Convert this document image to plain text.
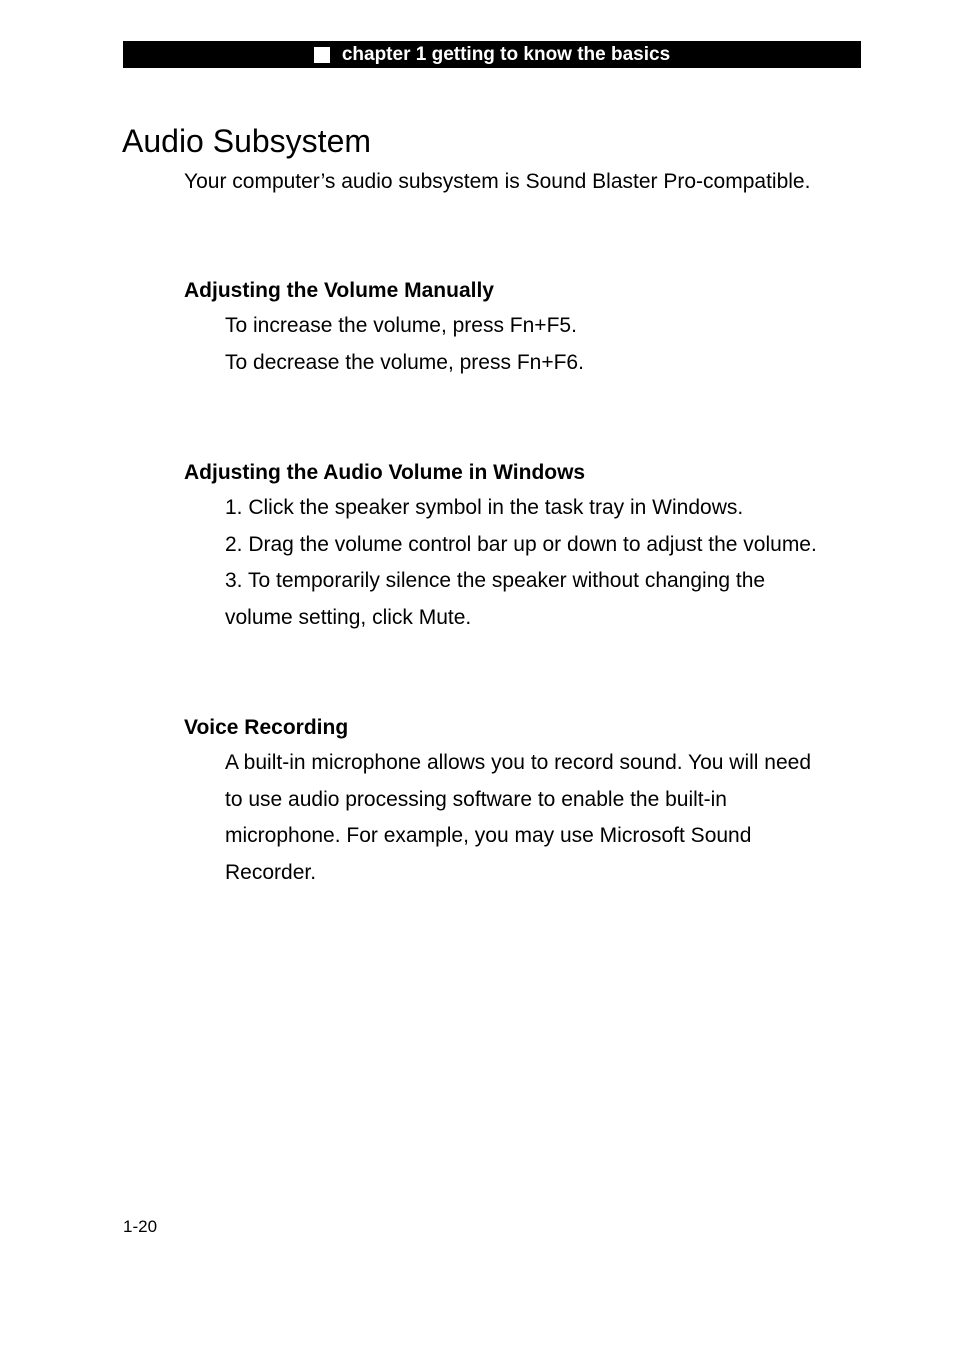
chapter 1 getting to know the basics
Audio Subsystem

Your computer’s audio subsystem is Sound Blaster Pro-compatible.

Adjusting the Volume Manually
To increase the volume, press Fn+F5.
To decrease the volume, press Fn+F6.
Adjusting the Audio Volume in Windows
1. Click the speaker symbol in the task tray in Windows.
2. Drag the volume control bar up or down to adjust the volume.
3. To temporarily silence the speaker without changing the
volume setting, click Mute.
Voice Recording
A built-in microphone allows you to record sound. You will need
to use audio processing software to enable the built-in
microphone. For example, you may use Microsoft Sound
Recorder.
1-20
